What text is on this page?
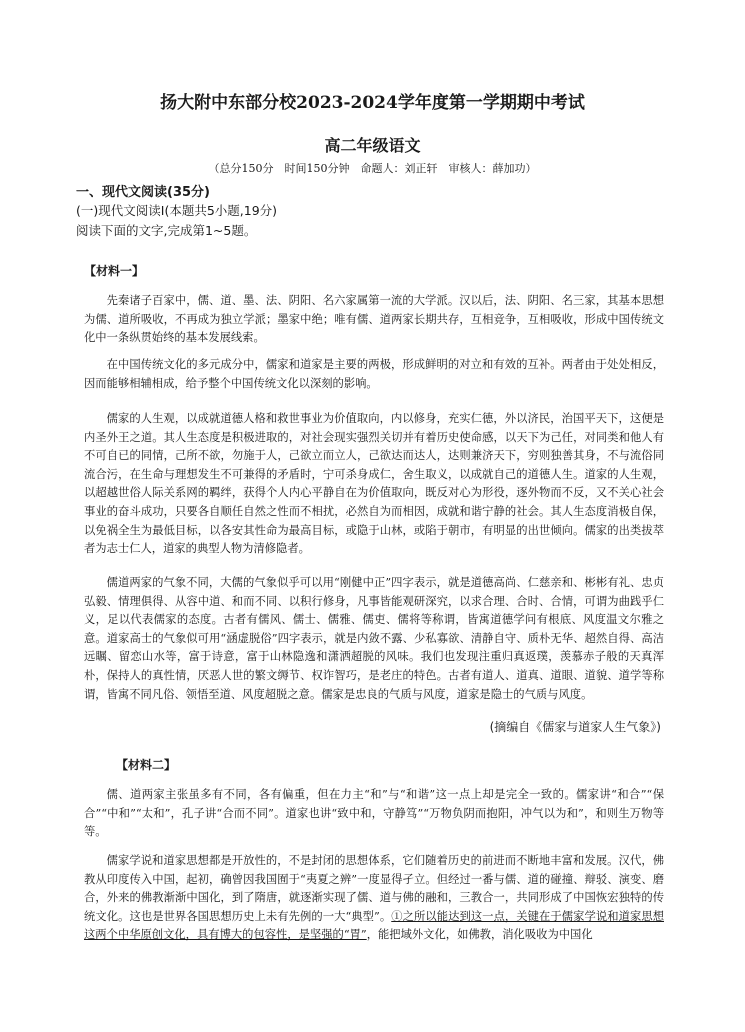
扬大附中东部分校2023-2024学年度第一学期期中考试
高二年级语文
（总分150分　时间150分钟　命题人：刘正轩　审核人：薛加功）
一、现代文阅读(35分)
(一)现代文阅读Ⅰ(本题共5小题,19分)
阅读下面的文字,完成第1~5题。
【材料一】
先秦诸子百家中，儒、道、墨、法、阴阳、名六家属第一流的大学派。汉以后，法、阴阳、名三家，其基本思想为儒、道所吸收，不再成为独立学派；墨家中绝；唯有儒、道两家长期共存，互相竞争，互相吸收，形成中国传统文化中一条纵贯始终的基本发展线索。
在中国传统文化的多元成分中，儒家和道家是主要的两极，形成鲜明的对立和有效的互补。两者由于处处相反，因而能够相辅相成，给予整个中国传统文化以深刻的影响。
儒家的人生观，以成就道德人格和救世事业为价值取向，内以修身，充实仁德，外以济民，治国平天下，这便是内圣外王之道。其人生态度是积极进取的，对社会现实强烈关切并有着历史使命感，以天下为己任，对同类和他人有不可自已的同情，己所不欲，勿施于人，己欲立而立人，己欲达而达人，达则兼济天下，穷则独善其身，不与流俗同流合污，在生命与理想发生不可兼得的矛盾时，宁可杀身成仁，舍生取义，以成就自己的道德人生。道家的人生观，以超越世俗人际关系网的羁绊，获得个人内心平静自在为价值取向，既反对心为形役，逐外物而不反，又不关心社会事业的奋斗成功，只要各自顺任自然之性而不相扰，必然自为而相因，成就和谐宁静的社会。其人生态度消极自保，以免祸全生为最低目标，以各安其性命为最高目标，或隐于山林，或陷于朝市，有明显的出世倾向。儒家的出类拔萃者为志士仁人，道家的典型人物为清修隐者。
儒道两家的气象不同，大儒的气象似乎可以用“刚健中正”四字表示，就是道德高尚、仁慈亲和、彬彬有礼、忠贞弘毅、情理俱得、从容中道、和而不同、以积行修身，凡事皆能观研深究，以求合理、合时、合情，可谓为曲践乎仁义，足以代表儒家的态度。古者有儒风、儒士、儒雅、儒吏、儒将等称谓，皆寓道德学问有根底、风度温文尔雅之意。道家高士的气象似可用“涵虚脱俗”四字表示，就是内敛不露、少私寡欲、清静自守、质朴无华、超然自得、高洁远瞩、留恋山水等，富于诗意，富于山林隐逸和潇洒超脱的风味。我们也发现注重归真返璞，羡慕赤子般的天真浑朴，保持人的真性情，厌恶人世的繁文缛节、权诈智巧，是老庄的特色。古者有道人、道真、道眼、道貌、道学等称谓，皆寓不同凡俗、领悟至道、风度超脱之意。儒家是忠良的气质与风度，道家是隐士的气质与风度。
(摘编自《儒家与道家人生气象》)
【材料二】
儒、道两家主张虽多有不同，各有偏重，但在力主“和”与“和谐”这一点上却是完全一致的。儒家讲“和合”“保合”“中和”“太和”，孔子讲“合而不同”。道家也讲“致中和，守静笃”“万物负阴而抱阳，冲气以为和”，和则生万物等等。
儒家学说和道家思想都是开放性的，不是封闭的思想体系，它们随着历史的前进而不断地丰富和发展。汉代，佛教从印度传入中国，起初，确曾因我国囿于“夷夏之辨”一度显得孑立。但经过一番与儒、道的碰撞、辩驳、演变、磨合，外来的佛教渐渐中国化，到了隋唐，就逐渐实现了儒、道与佛的融和，三教合一，共同形成了中国恢宏独特的传统文化。这也是世界各国思想历史上未有先例的一大“典型”。①之所以能达到这一点，关键在于儒家学说和道家思想这两个中华原创文化，具有博大的包容性，是坚强的“胃”，能把域外文化，如佛教，消化吸收为中国化
